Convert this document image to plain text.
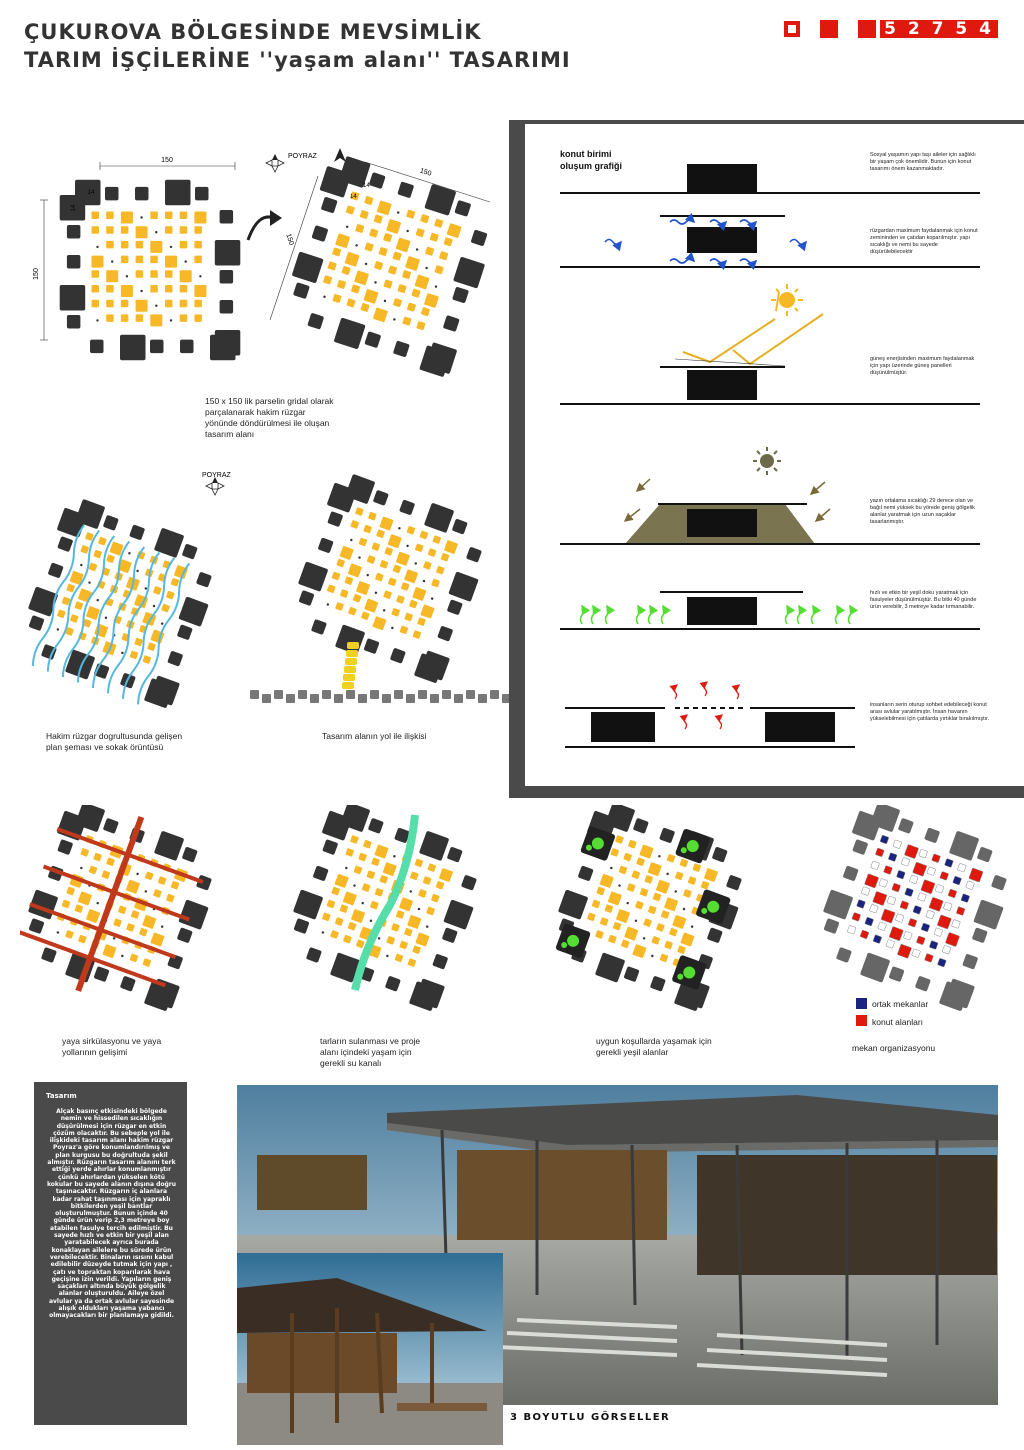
ÇUKUROVA BÖLGESİNDE MEVSİMLİK
TARIM İŞÇİLERİNE ''yaşam alanı'' TASARIMI
5 2 7 5 4
150
150
14
14
POYRAZ
150
150
14
14
150 x 150 lik parselin gridal olarak parçalanarak hakim rüzgar yönünde döndürülmesi ile oluşan tasarım alanı
POYRAZ
Hakim rüzgar dogrultusunda gelişen plan şeması ve sokak örüntüsü
Tasarım alanın yol ile ilişkisi
konut birimi
oluşum grafiği
Sosyal yaşamın yapı taşı aileler için sağlıklı bir yaşam çok önemlidir. Bunun için konut tasarımı önem kazanmaktadır.
rüzgardan maximum faydalanmak için konut zemininden ve çatıdan koparılmıştır. yapı sıcaklığı ve nemi bu sayede düşürülebilecektir
güneş enerjisinden maximum faydalanmak için yapı üzerinde güneş panelleri düşünülmüştür.
yazın ortalama sıcaklığı 29 derece olan ve bağıl nemi yüksek bu yörede geniş gölgelik alanlar yaratmak için uzun saçaklar tasarlanmıştır.
hızlı ve etkin bir yeşil doku yaratmak için fasulyeler düşünülmüştür. Bu bitki 40 günde ürün verebilir, 3 metreye kadar tırmanabilir.
insanların serin oturup sohbet edebileceği konut arası avlular yaratılmıştır. İnsan havanın yükselebilmesi için çatılarda yırtıklar bırakılmıştır.
ortak mekanlar
konut alanları
yaya sirkülasyonu ve yaya yollarının gelişimi
tarların sulanması ve proje alanı içindeki yaşam için gerekli su kanalı
uygun koşullarda yaşamak için gerekli yeşil alanlar	mekan organizasyonu
Tasarım

Alçak basınç etkisindeki bölgede nemin ve hissedilen sıcaklığın düşürülmesi için rüzgar en etkin çözüm olacaktır. Bu sebeple yol ile ilişkideki tasarım alanı hakim rüzgar Poyraz'a göre konumlandırılmış ve plan kurgusu bu doğrultuda şekil almıştır. Rüzgarın tasarım alanını terk ettiği yerde ahırlar konumlanmıştır çünkü ahırlardan yükselen kötü kokular bu sayede alanın dışına doğru taşınacaktır. Rüzgarın iç alanlara kadar rahat taşınması için yapraklı bitkilerden yeşil bantlar oluşturulmuştur. Bunun içinde 40 günde ürün verip 2,3 metreye boy atabilen fasulye tercih edilmiştir. Bu sayede hızlı ve etkin bir yeşil alan yaratabilecek ayrıca burada konaklayan ailelere bu sürede ürün verebilecektir. Binaların ısısını kabul edilebilir düzeyde tutmak için yapı , çatı ve topraktan koparılarak hava geçişine izin verildi. Yapıların geniş saçakları altında büyük gölgelik alanlar oluşturuldu. Aileye özel avlular ya da ortak avlular sayesinde alışık oldukları yaşama yabancı olmayacakları bir planlamaya gidildi.

3 BOYUTLU GÖRSELLER
